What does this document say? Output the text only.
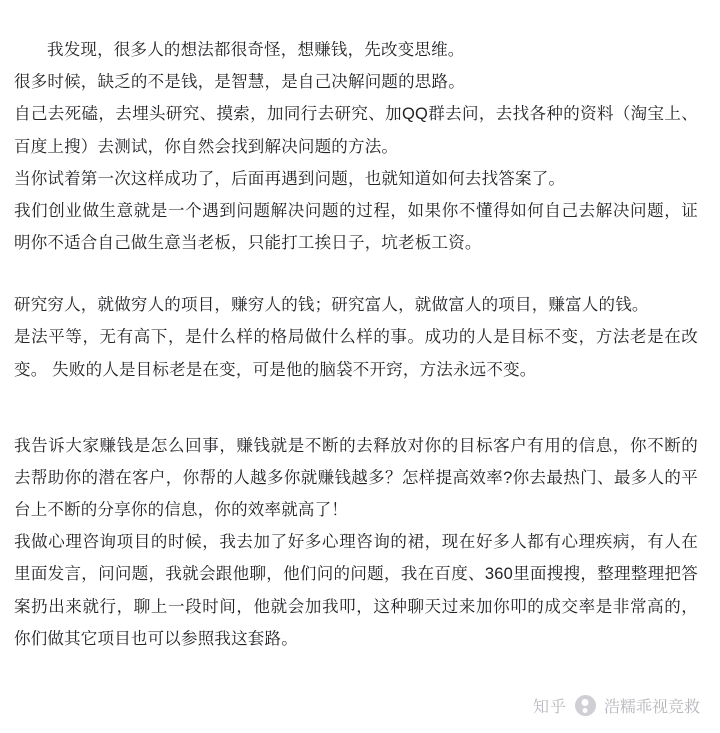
我发现，很多人的想法都很奇怪，想赚钱，先改变思维。

很多时候，缺乏的不是钱，是智慧，是自己决解问题的思路。

自己去死磕，去埋头研究、摸索，加同行去研究、加QQ群去问，去找各种的资料（淘宝上、百度上搜）去测试，你自然会找到解决问题的方法。

当你试着第一次这样成功了，后面再遇到问题，也就知道如何去找答案了。

我们创业做生意就是一个遇到问题解决问题的过程，如果你不懂得如何自己去解决问题，证明你不适合自己做生意当老板，只能打工挨日子，坑老板工资。

研究穷人，就做穷人的项目，赚穷人的钱；研究富人，就做富人的项目，赚富人的钱。

是法平等，无有高下，是什么样的格局做什么样的事。成功的人是目标不变，方法老是在改变。 失败的人是目标老是在变，可是他的脑袋不开窍，方法永远不变。

我告诉大家赚钱是怎么回事，赚钱就是不断的去释放对你的目标客户有用的信息，你不断的去帮助你的潜在客户，你帮的人越多你就赚钱越多？怎样提高效率?你去最热门、最多人的平台上不断的分享你的信息，你的效率就高了！

我做心理咨询项目的时候，我去加了好多心理咨询的裙，现在好多人都有心理疾病，有人在里面发言，问问题，我就会跟他聊，他们问的问题，我在百度、360里面搜搜，整理整理把答案扔出来就行，聊上一段时间，他就会加我叩，这种聊天过来加你叩的成交率是非常高的，你们做其它项目也可以参照我这套路。

知乎 浩糯乖视竞救
